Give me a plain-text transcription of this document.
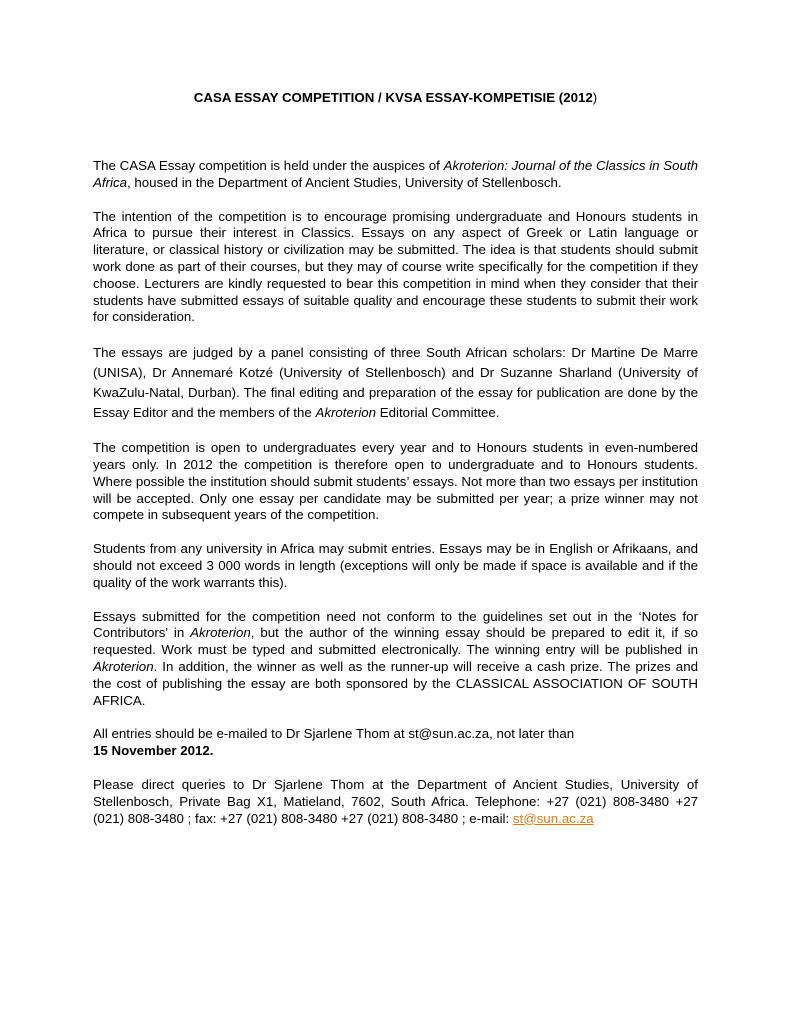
CASA ESSAY COMPETITION / KVSA ESSAY-KOMPETISIE (2012)

The CASA Essay competition is held under the auspices of Akroterion: Journal of the Classics in South Africa, housed in the Department of Ancient Studies, University of Stellenbosch.

The intention of the competition is to encourage promising undergraduate and Honours students in Africa to pursue their interest in Classics. Essays on any aspect of Greek or Latin language or literature, or classical history or civilization may be submitted. The idea is that students should submit work done as part of their courses, but they may of course write specifically for the competition if they choose. Lecturers are kindly requested to bear this competition in mind when they consider that their students have submitted essays of suitable quality and encourage these students to submit their work for consideration.

The essays are judged by a panel consisting of three South African scholars: Dr Martine De Marre (UNISA), Dr Annemaré Kotzé (University of Stellenbosch) and Dr Suzanne Sharland (University of KwaZulu-Natal, Durban). The final editing and preparation of the essay for publication are done by the Essay Editor and the members of the Akroterion Editorial Committee.

The competition is open to undergraduates every year and to Honours students in even-numbered years only. In 2012 the competition is therefore open to undergraduate and to Honours students. Where possible the institution should submit students’ essays. Not more than two essays per institution will be accepted. Only one essay per candidate may be submitted per year; a prize winner may not compete in subsequent years of the competition.

Students from any university in Africa may submit entries. Essays may be in English or Afrikaans, and should not exceed 3 000 words in length (exceptions will only be made if space is available and if the quality of the work warrants this).

Essays submitted for the competition need not conform to the guidelines set out in the ‘Notes for Contributors' in Akroterion, but the author of the winning essay should be prepared to edit it, if so requested. Work must be typed and submitted electronically. The winning entry will be published in Akroterion. In addition, the winner as well as the runner-up will receive a cash prize. The prizes and the cost of publishing the essay are both sponsored by the CLASSICAL ASSOCIATION OF SOUTH AFRICA.

All entries should be e-mailed to Dr Sjarlene Thom at st@sun.ac.za, not later than
15 November 2012.

Please direct queries to Dr Sjarlene Thom at the Department of Ancient Studies, University of Stellenbosch, Private Bag X1, Matieland, 7602, South Africa. Telephone: +27 (021) 808-3480 +27 (021) 808-3480 ; fax: +27 (021) 808-3480 +27 (021) 808-3480 ; e-mail: st@sun.ac.za
